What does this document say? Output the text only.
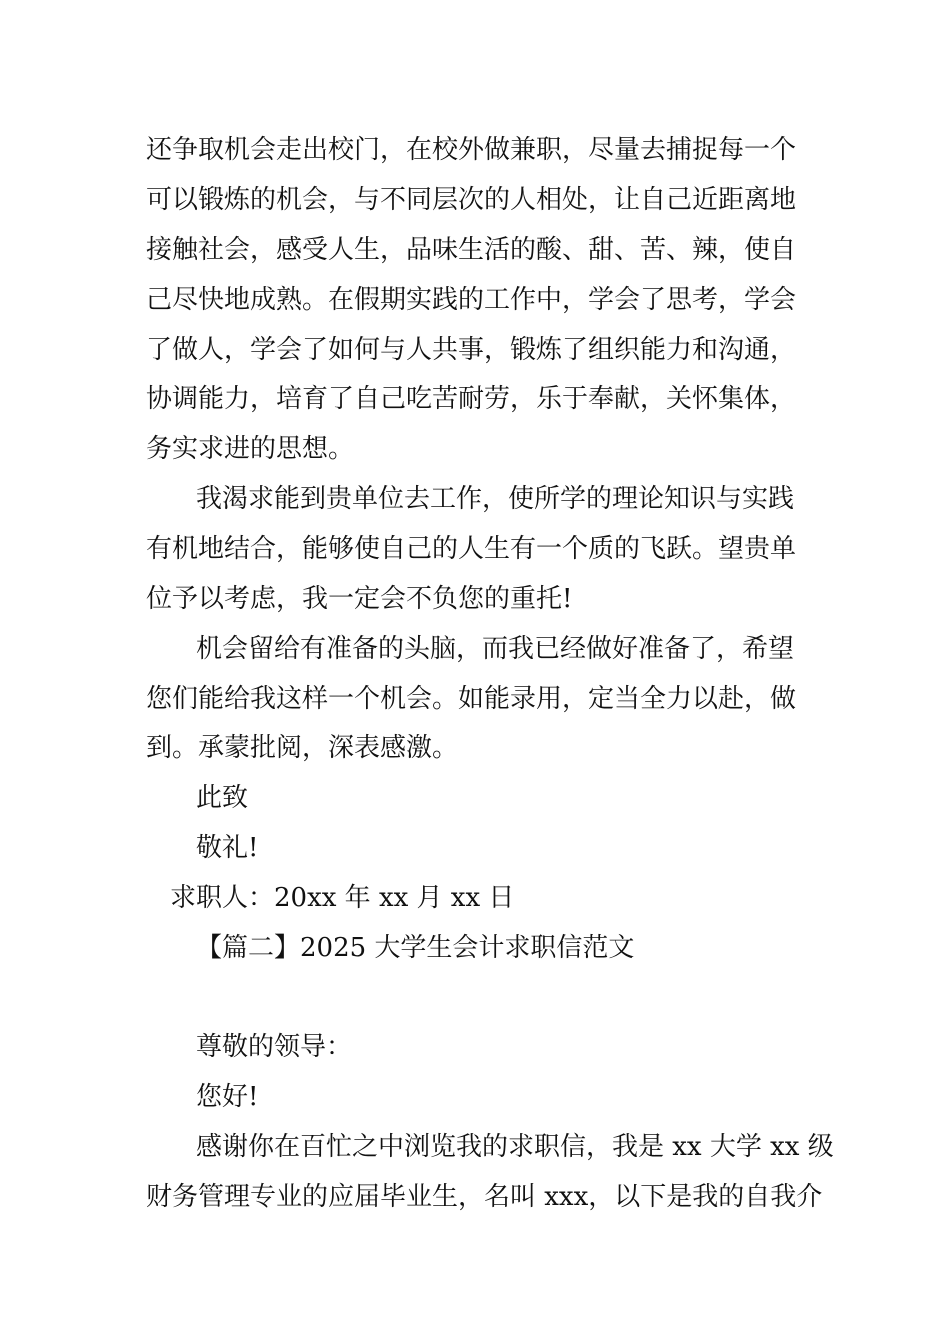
还争取机会走出校门，在校外做兼职，尽量去捕捉每一个
可以锻炼的机会，与不同层次的人相处，让自己近距离地
接触社会，感受人生，品味生活的酸、甜、苦、辣，使自
己尽快地成熟。在假期实践的工作中，学会了思考，学会
了做人，学会了如何与人共事，锻炼了组织能力和沟通，
协调能力，培育了自己吃苦耐劳，乐于奉献，关怀集体，
务实求进的思想。
我渴求能到贵单位去工作，使所学的理论知识与实践
有机地结合，能够使自己的人生有一个质的飞跃。望贵单
位予以考虑，我一定会不负您的重托!
机会留给有准备的头脑，而我已经做好准备了，希望
您们能给我这样一个机会。如能录用，定当全力以赴，做
到。承蒙批阅，深表感激。
此致
敬礼!
求职人：20xx 年 xx 月 xx 日
【篇二】2025 大学生会计求职信范文
尊敬的领导：
您好!
感谢你在百忙之中浏览我的求职信，我是 xx 大学 xx 级
财务管理专业的应届毕业生，名叫 xxx，以下是我的自我介
